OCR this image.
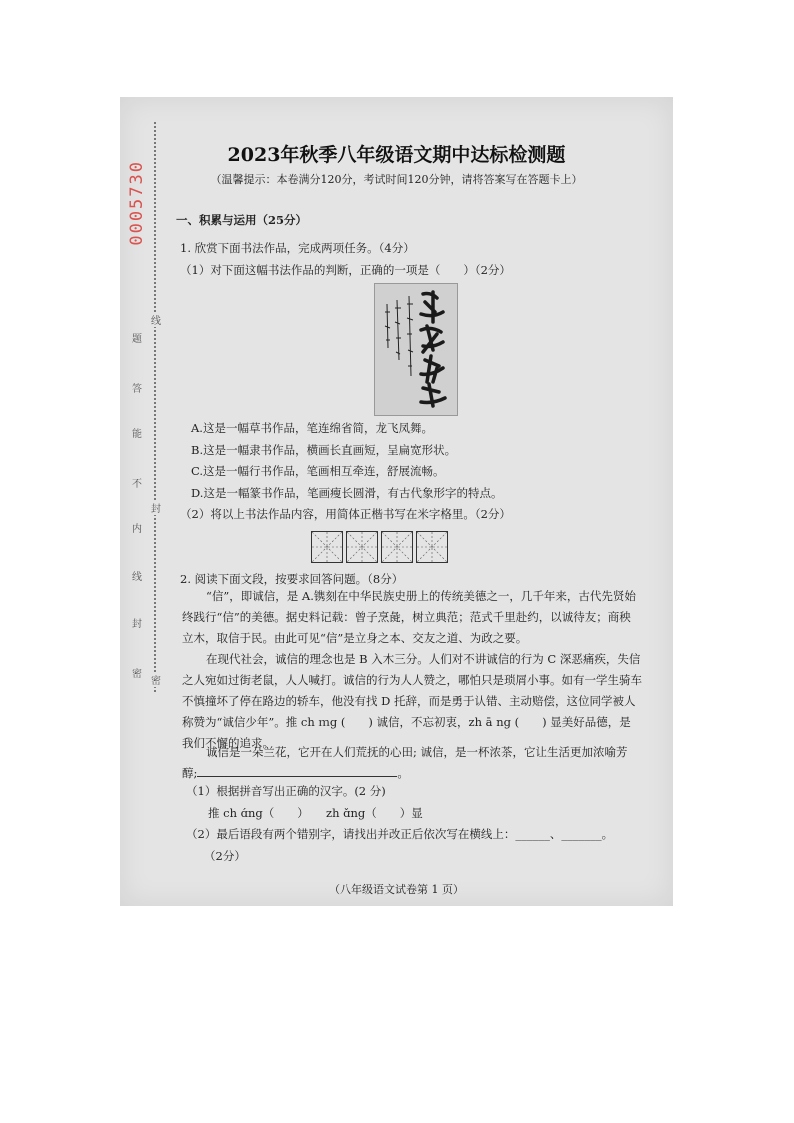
0005730
题
答
能
不
内
线
封
密
线
封
密
2023年秋季八年级语文期中达标检测题
（温馨提示：本卷满分120分，考试时间120分钟，请将答案写在答题卡上）
一、积累与运用（25分）
1. 欣赏下面书法作品，完成两项任务。（4分）
（1）对下面这幅书法作品的判断，正确的一项是（　　）（2分）
A.这是一幅草书作品，笔连绵省简，龙飞凤舞。
B.这是一幅隶书作品，横画长直画短，呈扁宽形状。
C.这是一幅行书作品，笔画相互牵连，舒展流畅。
D.这是一幅篆书作品，笔画瘦长圆滑，有古代象形字的特点。
（2）将以上书法作品内容，用简体正楷书写在米字格里。（2分）
2. 阅读下面文段，按要求回答问题。（8分）
“信”，即诚信，是 A.镌刻在中华民族史册上的传统美德之一，几千年来，古代先贤始终践行“信”的美德。据史料记载：曾子烹彘，树立典范；范式千里赴约，以诚待友；商秧立木，取信于民。由此可见“信”是立身之本、交友之道、为政之要。
在现代社会，诚信的理念也是 B 入木三分。人们对不讲诚信的行为 C 深恶痛疾，失信之人宛如过街老鼠，人人喊打。诚信的行为人人赞之，哪怕只是琐屑小事。如有一学生骑车不慎撞坏了停在路边的轿车，他没有找 D 托辞，而是勇于认错、主动赔偿，这位同学被人称赞为“诚信少年”。推 ch ｍg (　　) 诚信，不忘初衷，zh ā ng (　　) 显美好品德，是我们不懈的追求。
诚信是一朵兰花，它开在人们荒抚的心田; 诚信，是一杯浓茶，它让生活更加浓喻芳醇;	。
（1）根据拼音写出正确的汉字。(2 分)
推 ch ɑ́ng（　　）　　zh ɑ̌ng（　　）显
（2）最后语段有两个错别字，请找出并改正后依次写在横线上：______、_______。
（2分）
（八年级语文试卷第 1 页）
